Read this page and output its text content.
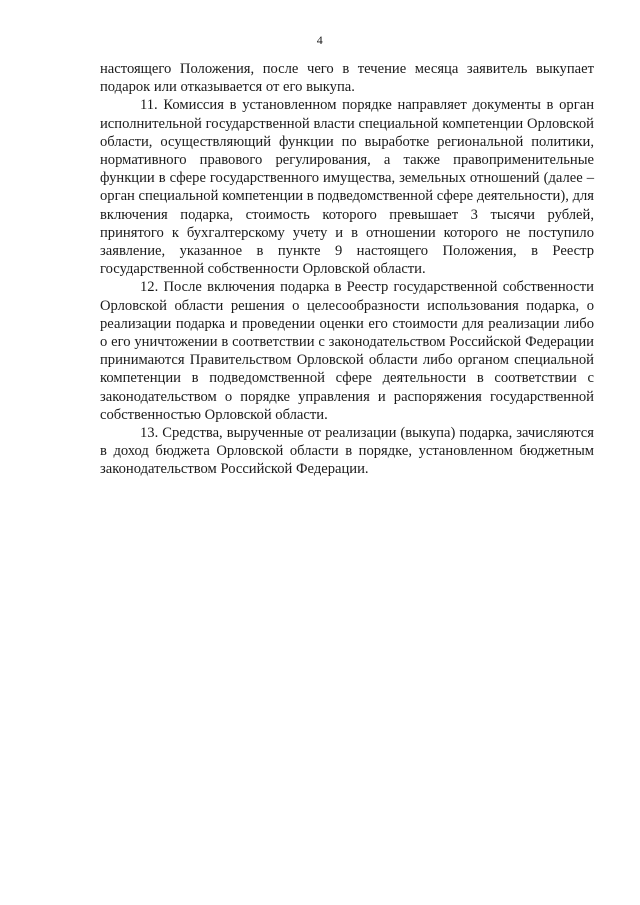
4

настоящего Положения, после чего в течение месяца заявитель выкупает подарок или отказывается от его выкупа.

11. Комиссия в установленном порядке направляет документы в орган исполнительной государственной власти специальной компетенции Орловской области, осуществляющий функции по выработке региональной политики, нормативного правового регулирования, а также правоприменительные функции в сфере государственного имущества, земельных отношений (далее – орган специальной компетенции в подведомственной сфере деятельности), для включения подарка, стоимость которого превышает 3 тысячи рублей, принятого к бухгалтерскому учету и в отношении которого не поступило заявление, указанное в пункте 9 настоящего Положения, в Реестр государственной собственности Орловской области.

12. После включения подарка в Реестр государственной собственности Орловской области решения о целесообразности использования подарка, о реализации подарка и проведении оценки его стоимости для реализации либо о его уничтожении в соответствии с законодательством Российской Федерации принимаются Правительством Орловской области либо органом специальной компетенции в подведомственной сфере деятельности в соответствии с законодательством о порядке управления и распоряжения государственной собственностью Орловской области.

13. Средства, вырученные от реализации (выкупа) подарка, зачисляются в доход бюджета Орловской области в порядке, установленном бюджетным законодательством Российской Федерации.
